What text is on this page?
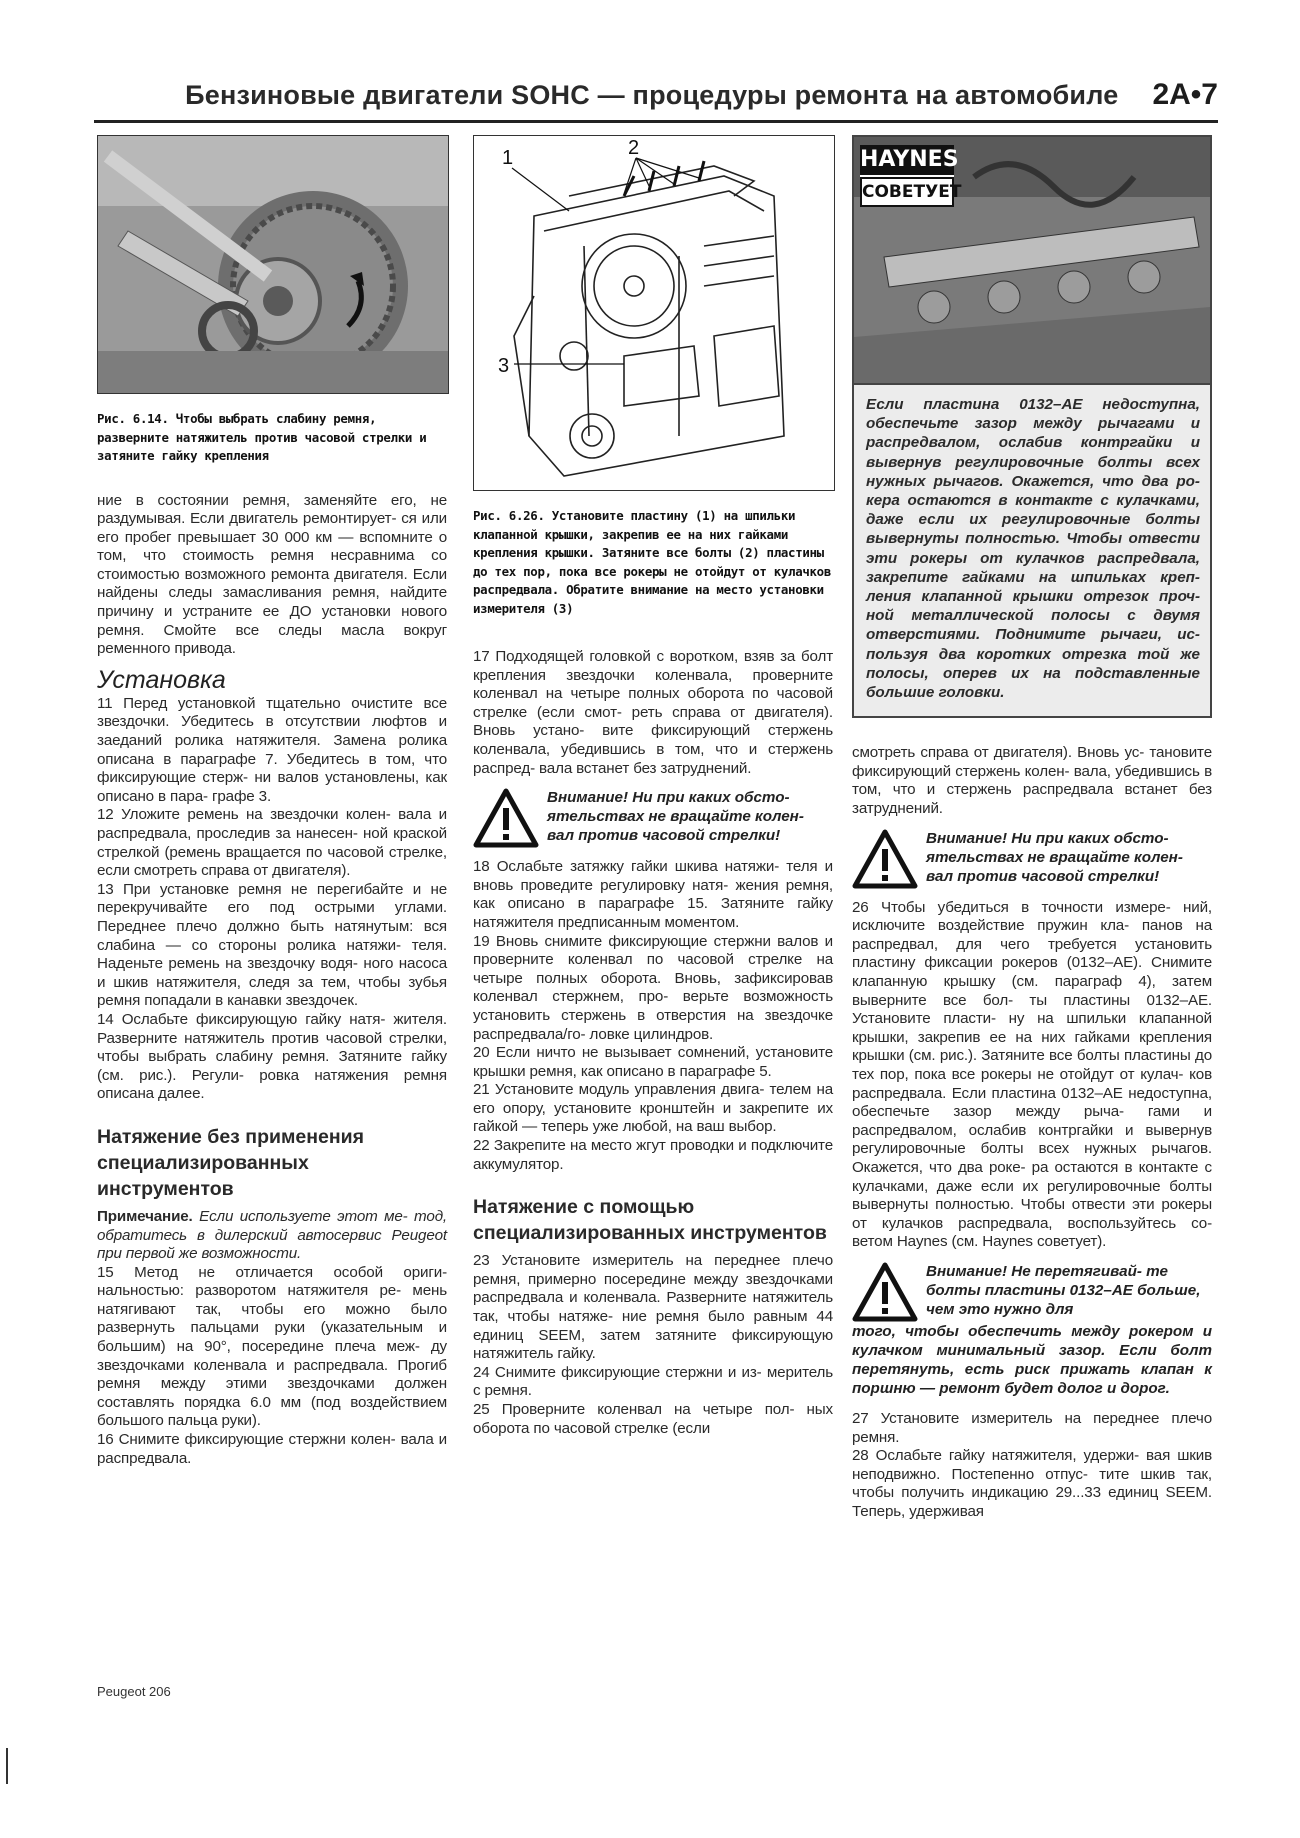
Бензиновые двигатели SOHC — процедуры ремонта на автомобиле 2A•7
Рис. 6.14. Чтобы выбрать слабину ремня, разверните натяжитель против часовой стрелки и затяните гайку крепления

ние в состоянии ремня, заменяйте его, не раздумывая. Если двигатель ремонтирует- ся или его пробег превышает 30 000 км — вспомните о том, что стоимость ремня несравнима со стоимостью возможного ремонта двигателя. Если найдены следы замасливания ремня, найдите причину и устраните ее ДО установки нового ремня. Смойте все следы масла вокруг ременного привода.

Установка

11 Перед установкой тщательно очистите все звездочки. Убедитесь в отсутствии люфтов и заеданий ролика натяжителя. Замена ролика описана в параграфе 7. Убедитесь в том, что фиксирующие стерж- ни валов установлены, как описано в пара- графе 3.

12 Уложите ремень на звездочки колен- вала и распредвала, проследив за нанесен- ной краской стрелкой (ремень вращается по часовой стрелке, если смотреть справа от двигателя).

13 При установке ремня не перегибайте и не перекручивайте его под острыми углами. Переднее плечо должно быть натянутым: вся слабина — со стороны ролика натяжи- теля. Наденьте ремень на звездочку водя- ного насоса и шкив натяжителя, следя за тем, чтобы зубья ремня попадали в канавки звездочек.

14 Ослабьте фиксирующую гайку натя- жителя. Разверните натяжитель против часовой стрелки, чтобы выбрать слабину ремня. Затяните гайку (см. рис.). Регули- ровка натяжения ремня описана далее.

Натяжение без применения специализированных инструментов

Примечание. Если используете этот ме- тод, обратитесь в дилерский автосервис Peugeot при первой же возможности.

15 Метод не отличается особой ориги- нальностью: разворотом натяжителя ре- мень натягивают так, чтобы его можно было развернуть пальцами руки (указательным и большим) на 90°, посередине плеча меж- ду звездочками коленвала и распредвала. Прогиб ремня между этими звездочками должен составлять порядка 6.0 мм (под воздействием большого пальца руки).

16 Снимите фиксирующие стержни колен- вала и распредвала.

1	2
3
Рис. 6.26. Установите пластину (1) на шпильки клапанной крышки, закрепив ее на них гайками крепления крышки. Затяните все болты (2) пластины до тех пор, пока все рокеры не отойдут от кулачков распредвала. Обратите внимание на место установки измерителя (3)

17 Подходящей головкой с воротком, взяв за болт крепления звездочки коленвала, проверните коленвал на четыре полных оборота по часовой стрелке (если смот- реть справа от двигателя). Вновь устано- вите фиксирующий стержень коленвала, убедившись в том, что и стержень распред- вала встанет без затруднений.

Внимание! Ни при каких обсто- ятельствах не вращайте колен- вал против часовой стрелки!

18 Ослабьте затяжку гайки шкива натяжи- теля и вновь проведите регулировку натя- жения ремня, как описано в параграфе 15. Затяните гайку натяжителя предписанным моментом.

19 Вновь снимите фиксирующие стержни валов и проверните коленвал по часовой стрелке на четыре полных оборота. Вновь, зафиксировав коленвал стержнем, про- верьте возможность установить стержень в отверстия на звездочке распредвала/го- ловке цилиндров.

20 Если ничто не вызывает сомнений, установите крышки ремня, как описано в параграфе 5.

21 Установите модуль управления двига- телем на его опору, установите кронштейн и закрепите их гайкой — теперь уже любой, на ваш выбор.

22 Закрепите на место жгут проводки и подключите аккумулятор.

Натяжение с помощью специализированных инструментов

23 Установите измеритель на переднее плечо ремня, примерно посередине между звездочками распредвала и коленвала. Разверните натяжитель так, чтобы натяже- ние ремня было равным 44 единиц SEEM, затем затяните фиксирующую натяжитель гайку.

24 Снимите фиксирующие стержни и из- меритель с ремня.

25 Проверните коленвал на четыре пол- ных оборота по часовой стрелке (если

HAYNES
СОВЕТУЕТ
Если пластина 0132–AE недоступна, обеспечьте зазор между рычагами и распредвалом, ослабив контргайки и вывернув регулировочные болты всех нужных рычагов. Окажется, что два ро- кера остаются в контакте с кулачками, даже если их регулировочные болты вывернуты полностью. Чтобы отвести эти рокеры от кулачков распредвала, закрепите гайками на шпильках креп- ления клапанной крышки отрезок проч- ной металлической полосы с двумя отверстиями. Поднимите рычаги, ис- пользуя два коротких отрезка той же полосы, оперев их на подставленные большие головки.

смотреть справа от двигателя). Вновь ус- тановите фиксирующий стержень колен- вала, убедившись в том, что и стержень распредвала встанет без затруднений.

Внимание! Ни при каких обсто- ятельствах не вращайте колен- вал против часовой стрелки!

26 Чтобы убедиться в точности измере- ний, исключите воздействие пружин кла- панов на распредвал, для чего требуется установить пластину фиксации рокеров (0132–AE). Снимите клапанную крышку (см. параграф 4), затем выверните все бол- ты пластины 0132–AE. Установите пласти- ну на шпильки клапанной крышки, закрепив ее на них гайками крепления крышки (см. рис.). Затяните все болты пластины до тех пор, пока все рокеры не отойдут от кулач- ков распредвала. Если пластина 0132–AE недоступна, обеспечьте зазор между рыча- гами и распредвалом, ослабив контргайки и вывернув регулировочные болты всех нужных рычагов. Окажется, что два роке- ра остаются в контакте с кулачками, даже если их регулировочные болты вывернуты полностью. Чтобы отвести эти рокеры от кулачков распредвала, воспользуйтесь со- ветом Haynes (см. Haynes советует).

Внимание! Не перетягивай- те болты пластины 0132–AE больше, чем это нужно для
того, чтобы обеспечить между рокером и кулачком минимальный зазор. Если болт перетянуть, есть риск прижать клапан к поршню — ремонт будет долог и дорог.

27 Установите измеритель на переднее плечо ремня.

28 Ослабьте гайку натяжителя, удержи- вая шкив неподвижно. Постепенно отпус- тите шкив так, чтобы получить индикацию 29...33 единиц SEEM. Теперь, удерживая

Peugeot 206
